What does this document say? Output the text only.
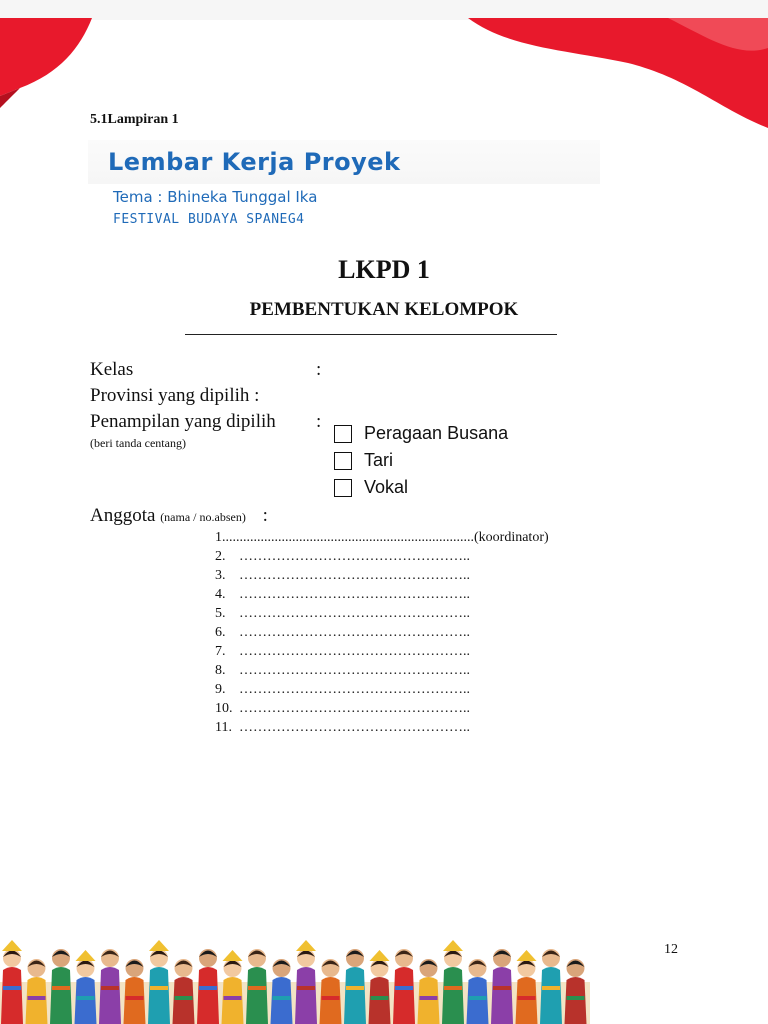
5.1Lampiran 1
Lembar Kerja Proyek
Tema : Bhineka Tunggal Ika
FESTIVAL BUDAYA SPANEG4
LKPD 1
PEMBENTUKAN KELOMPOK
Kelas	:
Provinsi yang dipilih :
Penampilan yang dipilih :
(beri tanda centang)	Peragaan Busana
Tari
Vokal
Anggota (nama / no.absen) :
1. .......................................................................(koordinator)
2. …………………………………………..
3. …………………………………………..
4. …………………………………………..
5. …………………………………………..
6. …………………………………………..
7. …………………………………………..
8. …………………………………………..
9. …………………………………………..
10. …………………………………………..
11. …………………………………………..
12
